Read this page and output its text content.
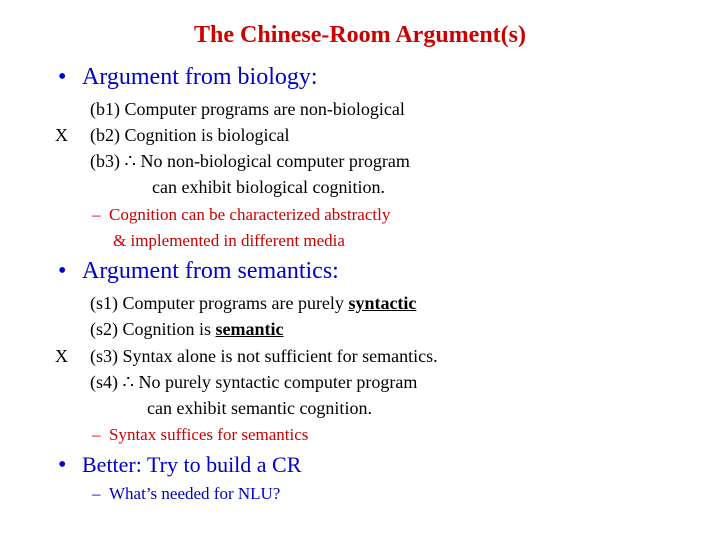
The Chinese-Room Argument(s)
• Argument from biology:
(b1) Computer programs are non-biological
X (b2) Cognition is biological
(b3) ∴ No non-biological computer program
can exhibit biological cognition.
– Cognition can be characterized abstractly
& implemented in different media
• Argument from semantics:
(s1) Computer programs are purely syntactic
(s2) Cognition is semantic
X (s3) Syntax alone is not sufficient for semantics.
(s4) ∴ No purely syntactic computer program
can exhibit semantic cognition.
– Syntax suffices for semantics
• Better: Try to build a CR
– What’s needed for NLU?
